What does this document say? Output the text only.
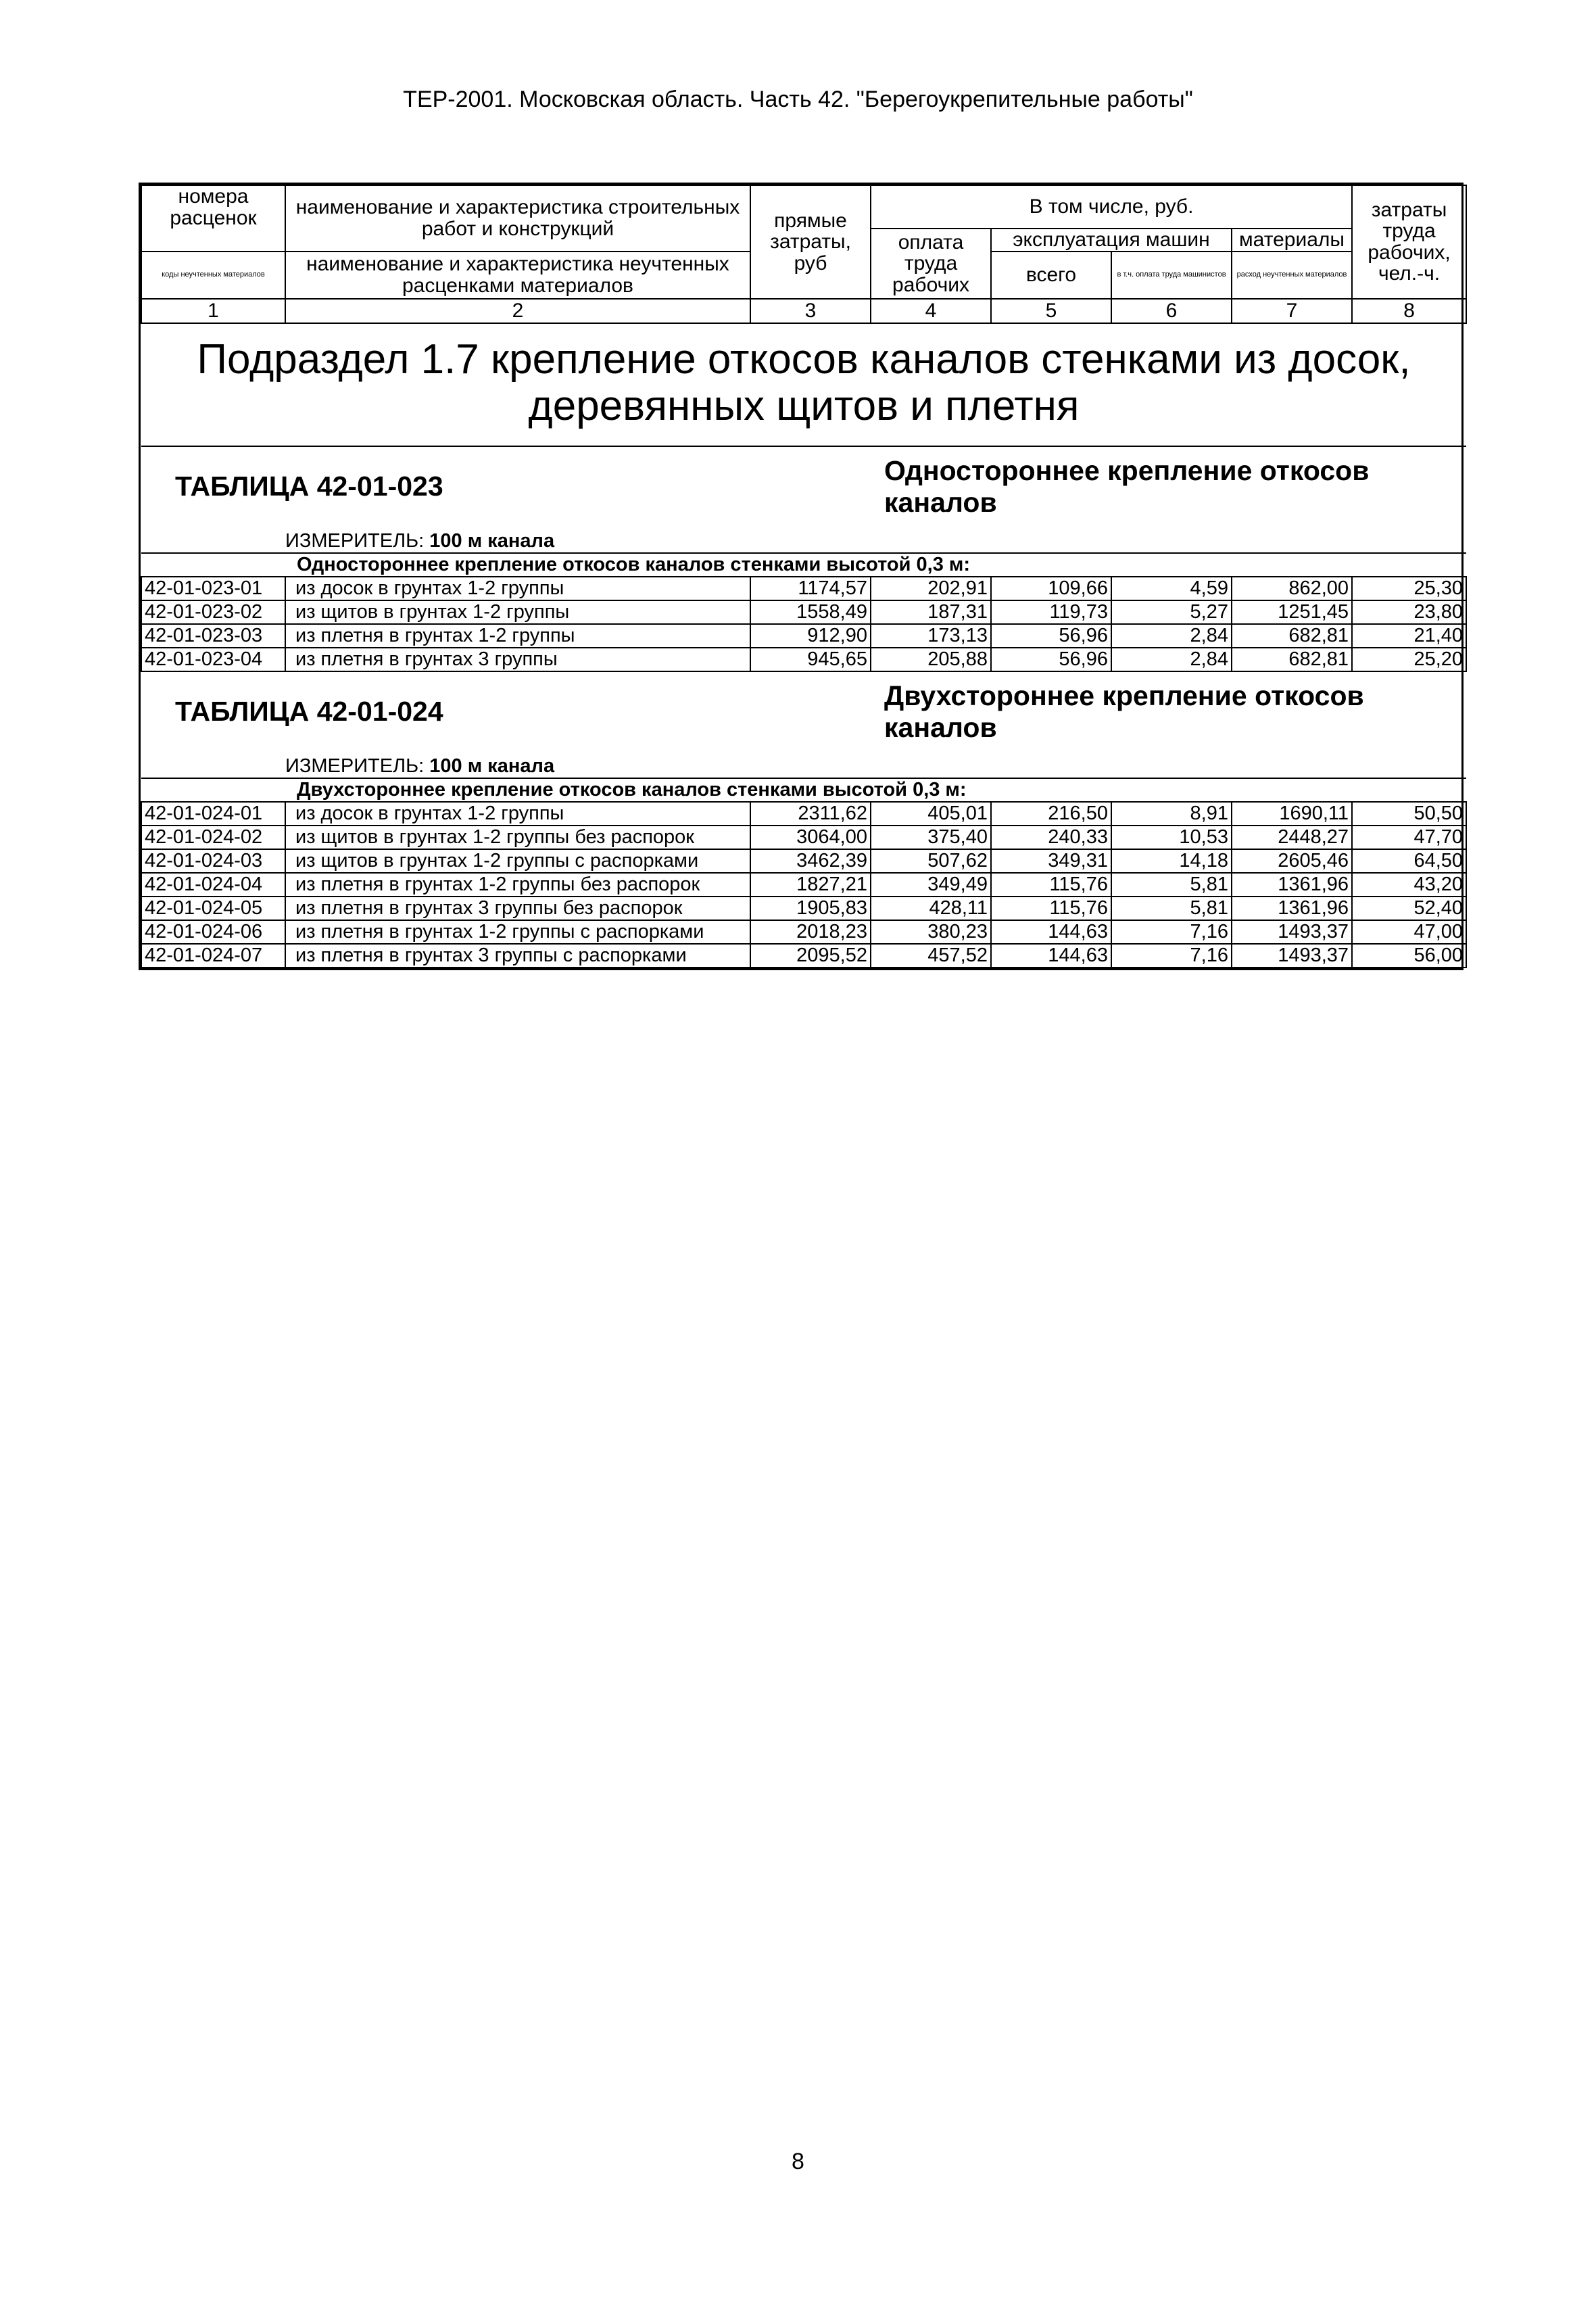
ТЕР-2001. Московская область. Часть 42. "Берегоукрепительные работы"
номера расценок	наименование и характеристика строительных работ и конструкций	прямые затраты, руб	В том числе, руб.				затраты труда рабочих, чел.-ч.
			оплата труда рабочих	эксплуатация машин		материалы	
коды неучтенных материалов	наименование и характеристика неучтенных расценками материалов			всего	в т.ч. оплата труда машинистов	расход неучтенных материалов	

1	2	3	4	5	6	7	8

Подраздел 1.7 крепление откосов каналов стенками из досок,
деревянных щитов и плетня							

ТАБЛИЦА 42-01-023			Одностороннее крепление откосов каналов				
	ИЗМЕРИТЕЛЬ: 100 м канала						
Одностороннее крепление откосов каналов стенками высотой 0,3 м:							
42-01-023-01	из досок в грунтах 1-2 группы	1174,57	202,91	109,66	4,59	862,00	25,30
42-01-023-02	из щитов в грунтах 1-2 группы	1558,49	187,31	119,73	5,27	1251,45	23,80
42-01-023-03	из плетня в грунтах 1-2 группы	912,90	173,13	56,96	2,84	682,81	21,40
42-01-023-04	из плетня в грунтах 3 группы	945,65	205,88	56,96	2,84	682,81	25,20
ТАБЛИЦА 42-01-024			Двухстороннее крепление откосов каналов				
	ИЗМЕРИТЕЛЬ: 100 м канала						
Двухстороннее крепление откосов каналов стенками высотой 0,3 м:							
42-01-024-01	из досок в грунтах 1-2 группы	2311,62	405,01	216,50	8,91	1690,11	50,50
42-01-024-02	из щитов в грунтах 1-2 группы без распорок	3064,00	375,40	240,33	10,53	2448,27	47,70
42-01-024-03	из щитов в грунтах 1-2 группы с распорками	3462,39	507,62	349,31	14,18	2605,46	64,50
42-01-024-04	из плетня в грунтах 1-2 группы без распорок	1827,21	349,49	115,76	5,81	1361,96	43,20
42-01-024-05	из плетня в грунтах 3 группы без распорок	1905,83	428,11	115,76	5,81	1361,96	52,40
42-01-024-06	из плетня в грунтах 1-2 группы с распорками	2018,23	380,23	144,63	7,16	1493,37	47,00
42-01-024-07	из плетня в грунтах 3 группы с распорками	2095,52	457,52	144,63	7,16	1493,37	56,00
8
